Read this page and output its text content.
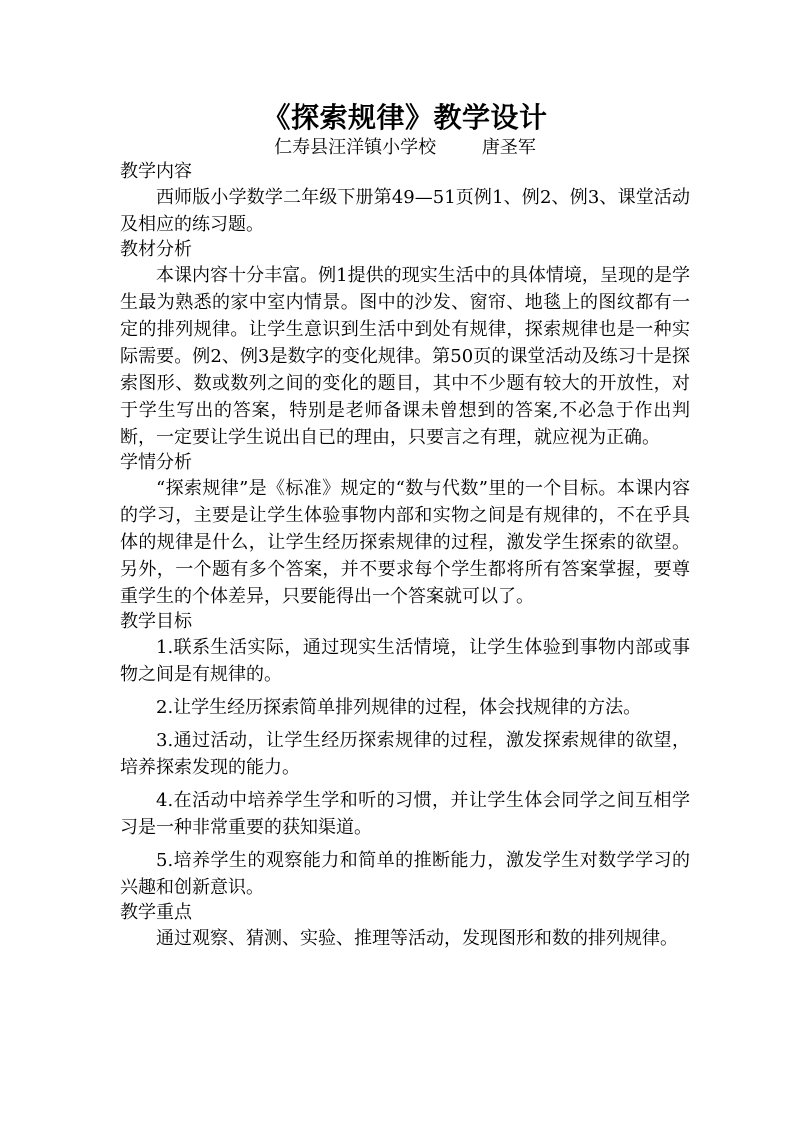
《探索规律》教学设计
仁寿县汪洋镇小学校        唐圣军
教学内容

西师版小学数学二年级下册第49—51页例1、例2、例3、课堂活动及相应的练习题。

教材分析

本课内容十分丰富。例1提供的现实生活中的具体情境，呈现的是学生最为熟悉的家中室内情景。图中的沙发、窗帘、地毯上的图纹都有一定的排列规律。让学生意识到生活中到处有规律，探索规律也是一种实际需要。例2、例3是数字的变化规律。第50页的课堂活动及练习十是探索图形、数或数列之间的变化的题目，其中不少题有较大的开放性，对于学生写出的答案，特别是老师备课未曾想到的答案,不必急于作出判断，一定要让学生说出自已的理由，只要言之有理，就应视为正确。

学情分析

“探索规律”是《标准》规定的“数与代数”里的一个目标。本课内容的学习，主要是让学生体验事物内部和实物之间是有规律的，不在乎具体的规律是什么，让学生经历探索规律的过程，激发学生探索的欲望。另外，一个题有多个答案，并不要求每个学生都将所有答案掌握，要尊重学生的个体差异，只要能得出一个答案就可以了。

教学目标

1.联系生活实际，通过现实生活情境，让学生体验到事物内部或事物之间是有规律的。

2.让学生经历探索简单排列规律的过程，体会找规律的方法。

3.通过活动，让学生经历探索规律的过程，激发探索规律的欲望，培养探索发现的能力。

4.在活动中培养学生学和听的习惯，并让学生体会同学之间互相学习是一种非常重要的获知渠道。

5.培养学生的观察能力和简单的推断能力，激发学生对数学学习的兴趣和创新意识。

教学重点

通过观察、猜测、实验、推理等活动，发现图形和数的排列规律。
